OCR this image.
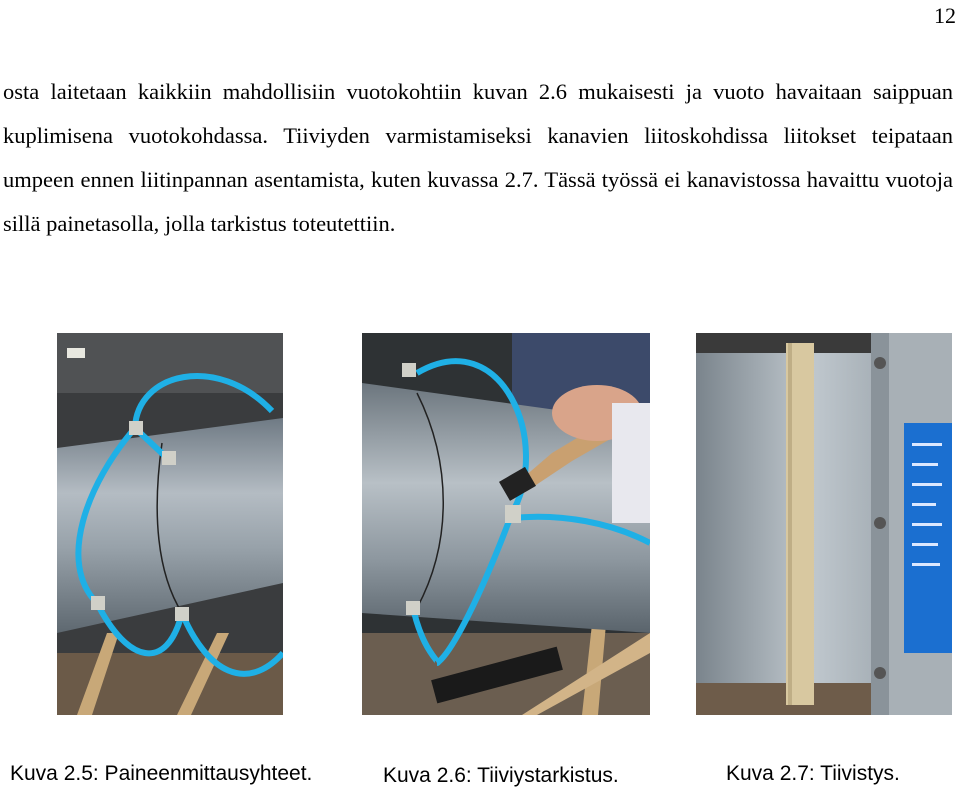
12

osta laitetaan kaikkiin mahdollisiin vuotokohtiin kuvan 2.6 mukaisesti ja vuoto havaitaan saippuan kuplimisena vuotokohdassa. Tiiviyden varmistamiseksi kanavien liitoskohdissa liitokset teipataan umpeen ennen liitinpannan asentamista, kuten kuvassa 2.7. Tässä työssä ei kanavistossa havaittu vuotoja sillä painetasolla, jolla tarkistus toteutettiin.

Kuva 2.5: Paineenmittausyhteet.	Kuva 2.6: Tiiviystarkistus.	Kuva 2.7: Tiivistys.
